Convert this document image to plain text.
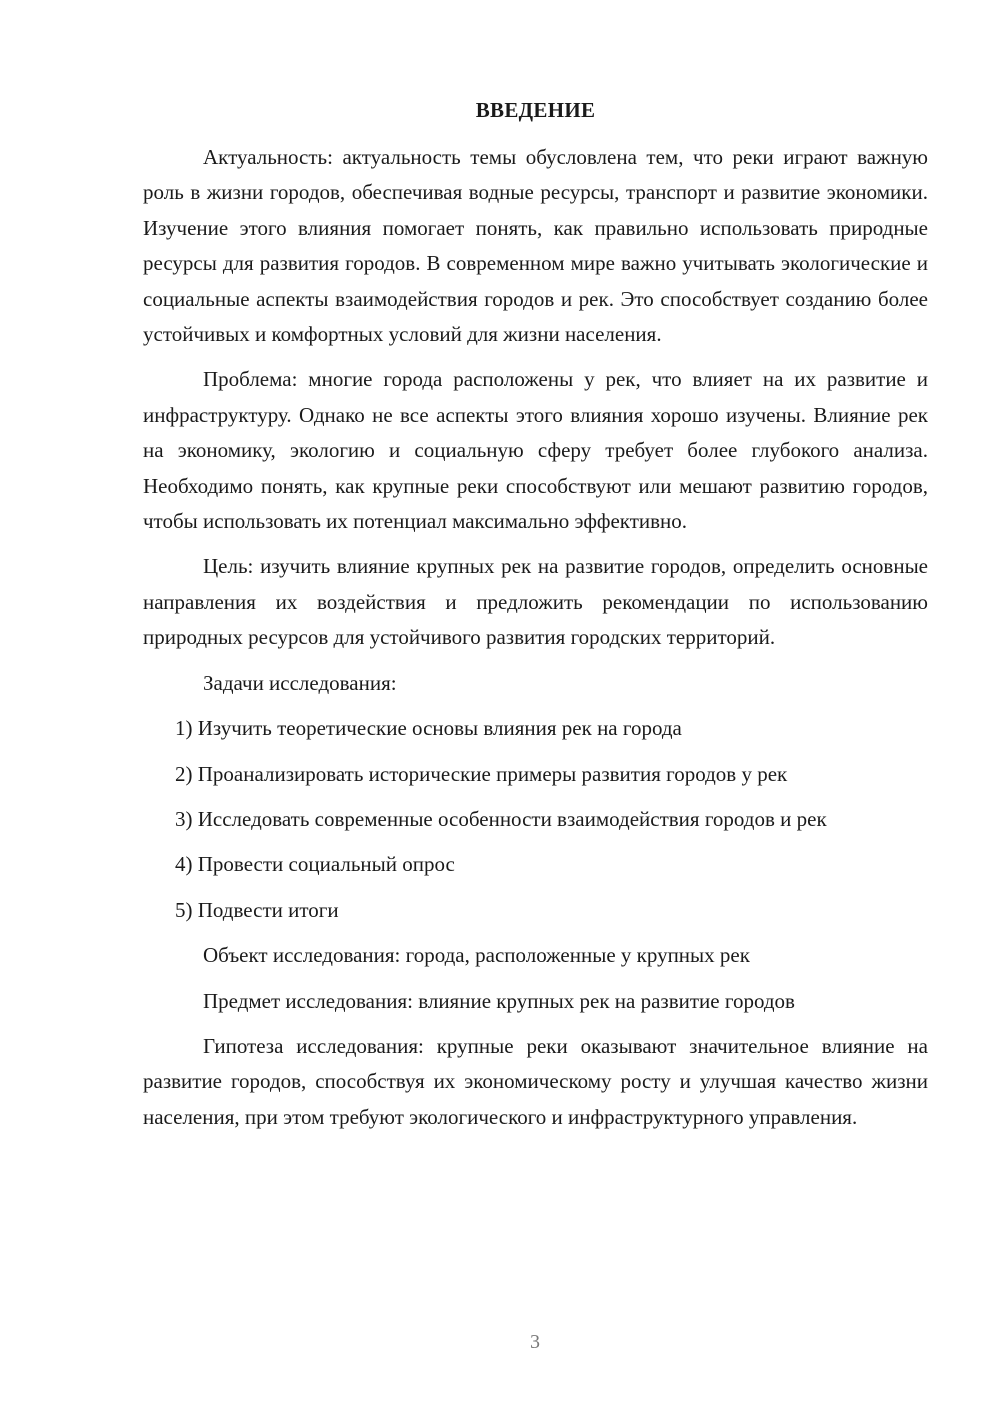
ВВЕДЕНИЕ

Актуальность: актуальность темы обусловлена тем, что реки играют важную роль в жизни городов, обеспечивая водные ресурсы, транспорт и развитие экономики. Изучение этого влияния помогает понять, как правильно использовать природные ресурсы для развития городов. В современном мире важно учитывать экологические и социальные аспекты взаимодействия городов и рек. Это способствует созданию более устойчивых и комфортных условий для жизни населения.

Проблема: многие города расположены у рек, что влияет на их развитие и инфраструктуру. Однако не все аспекты этого влияния хорошо изучены. Влияние рек на экономику, экологию и социальную сферу требует более глубокого анализа. Необходимо понять, как крупные реки способствуют или мешают развитию городов, чтобы использовать их потенциал максимально эффективно.

Цель: изучить влияние крупных рек на развитие городов, определить основные направления их воздействия и предложить рекомендации по использованию природных ресурсов для устойчивого развития городских территорий.

Задачи исследования:

1) Изучить теоретические основы влияния рек на города

2) Проанализировать исторические примеры развития городов у рек

3) Исследовать современные особенности взаимодействия городов и рек

4) Провести социальный опрос

5) Подвести итоги

Объект исследования: города, расположенные у крупных рек

Предмет исследования: влияние крупных рек на развитие городов

Гипотеза исследования: крупные реки оказывают значительное влияние на развитие городов, способствуя их экономическому росту и улучшая качество жизни населения, при этом требуют экологического и инфраструктурного управления.

3
